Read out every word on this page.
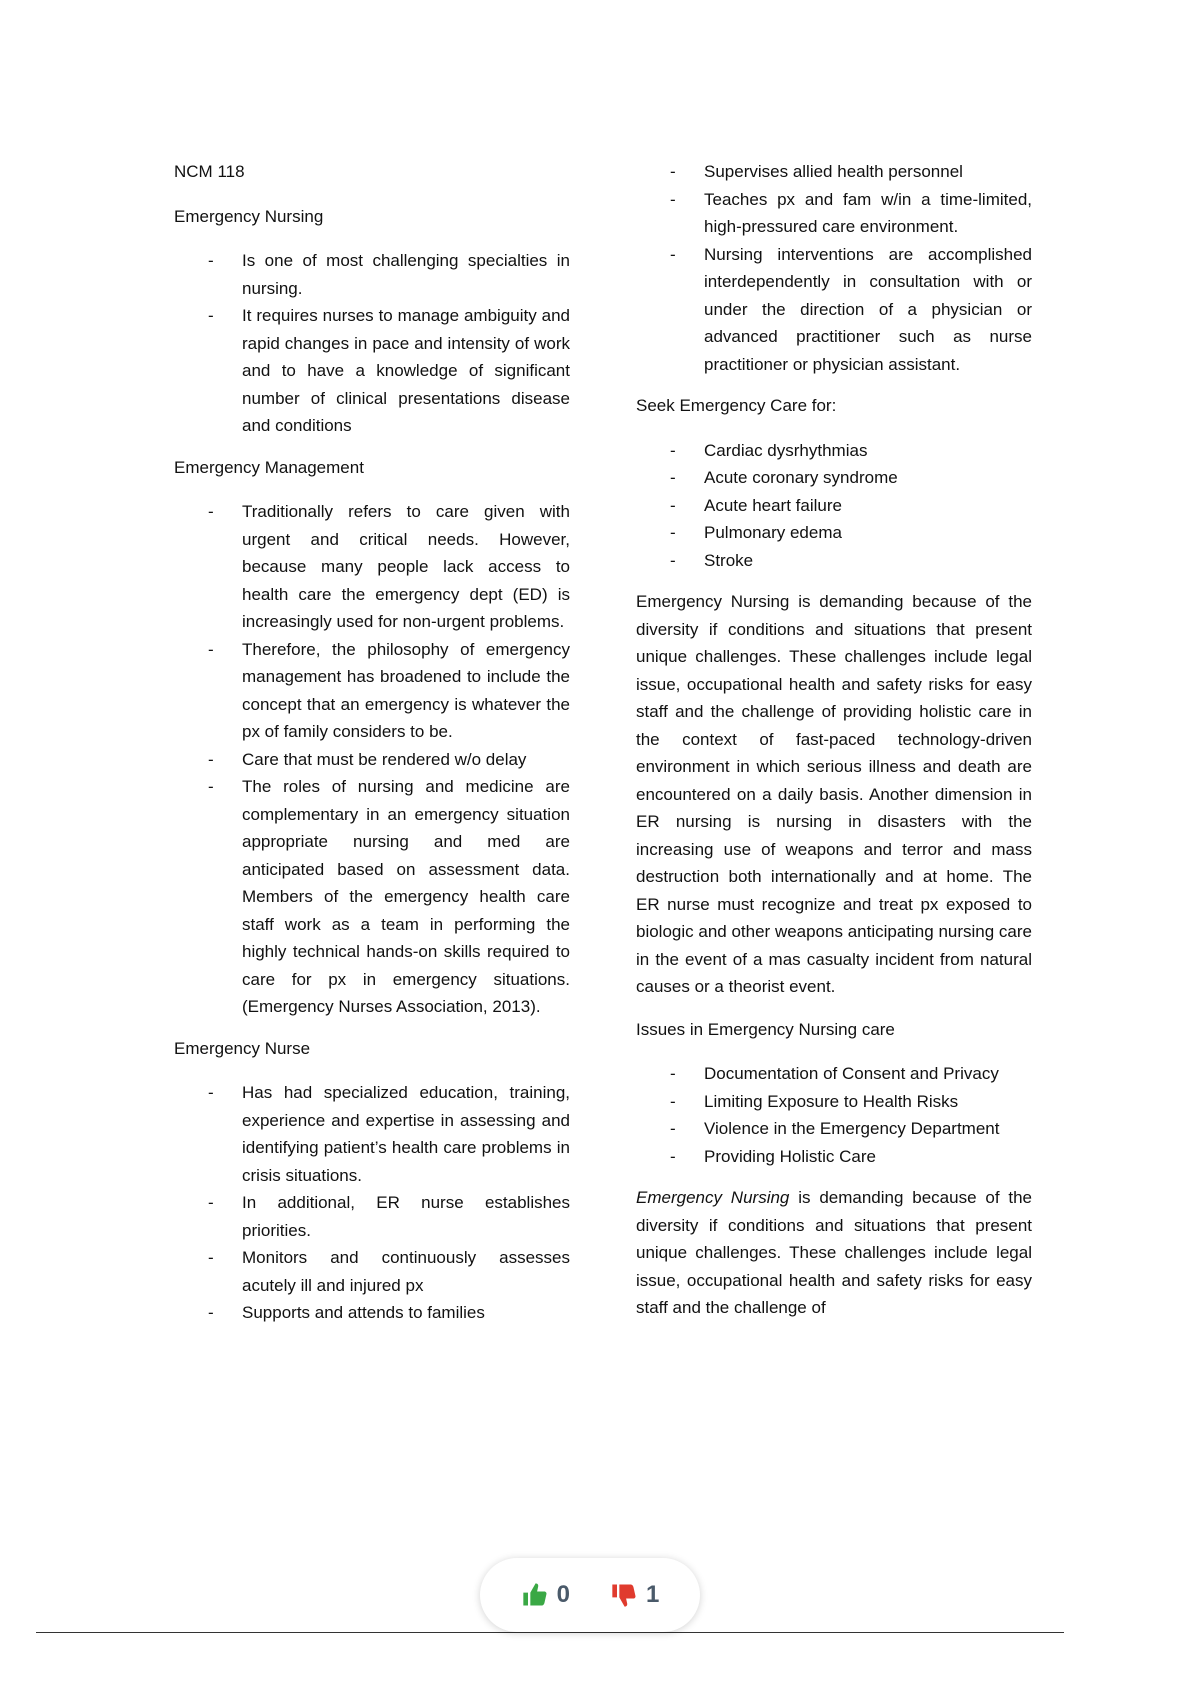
NCM 118

Emergency Nursing

- Is one of most challenging specialties in nursing.
- It requires nurses to manage ambiguity and rapid changes in pace and intensity of work and to have a knowledge of significant number of clinical presentations disease and conditions

Emergency Management

- Traditionally refers to care given with urgent and critical needs. However, because many people lack access to health care the emergency dept (ED) is increasingly used for non-urgent problems.
- Therefore, the philosophy of emergency management has broadened to include the concept that an emergency is whatever the px of family considers to be.
- Care that must be rendered w/o delay
- The roles of nursing and medicine are complementary in an emergency situation appropriate nursing and med are anticipated based on assessment data. Members of the emergency health care staff work as a team in performing the highly technical hands-on skills required to care for px in emergency situations. (Emergency Nurses Association, 2013).

Emergency Nurse

- Has had specialized education, training, experience and expertise in assessing and identifying patient’s health care problems in crisis situations.
- In additional, ER nurse establishes priorities.
- Monitors and continuously assesses acutely ill and injured px
- Supports and attends to families
- Supervises allied health personnel
- Teaches px and fam w/in a time-limited, high-pressured care environment.
- Nursing interventions are accomplished interdependently in consultation with or under the direction of a physician or advanced practitioner such as nurse practitioner or physician assistant.

Seek Emergency Care for:

- Cardiac dysrhythmias
- Acute coronary syndrome
- Acute heart failure
- Pulmonary edema
- Stroke

Emergency Nursing is demanding because of the diversity if conditions and situations that present unique challenges. These challenges include legal issue, occupational health and safety risks for easy staff and the challenge of providing holistic care in the context of fast-paced technology-driven environment in which serious illness and death are encountered on a daily basis. Another dimension in ER nursing is nursing in disasters with the increasing use of weapons and terror and mass destruction both internationally and at home. The ER nurse must recognize and treat px exposed to biologic and other weapons anticipating nursing care in the event of a mas casualty incident from natural causes or a theorist event.

Issues in Emergency Nursing care

- Documentation of Consent and Privacy
- Limiting Exposure to Health Risks
- Violence in the Emergency Department
- Providing Holistic Care

Emergency Nursing is demanding because of the diversity if conditions and situations that present unique challenges. These challenges include legal issue, occupational health and safety risks for easy staff and the challenge of

0	1
